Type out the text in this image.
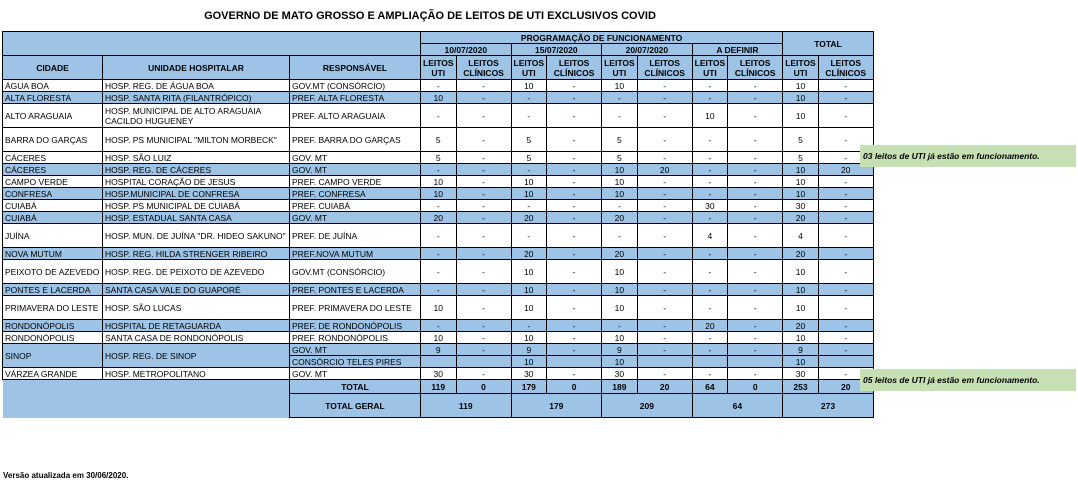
GOVERNO DE MATO GROSSO E AMPLIAÇÃO DE LEITOS DE UTI EXCLUSIVOS COVID
			PROGRAMAÇÃO DE FUNCIONAMENTO								TOTAL	
			10/07/2020		15/07/2020		20/07/2020		A DEFINIR			
CIDADE	UNIDADE HOSPITALAR	RESPONSÁVEL	LEITOS UTI	LEITOS CLÍNICOS	LEITOS UTI	LEITOS CLÍNICOS	LEITOS UTI	LEITOS CLÍNICOS	LEITOS UTI	LEITOS CLÍNICOS	LEITOS UTI	LEITOS CLÍNICOS
ÁGUA BOA	HOSP. REG. DE ÁGUA BOA	GOV.MT (CONSÓRCIO)	-	-	10	-	10	-	-	-	10	-
ALTA FLORESTA	HOSP. SANTA RITA (FILANTRÓPICO)	PREF. ALTA FLORESTA	10	-	-	-	-	-	-	-	10	-
ALTO ARAGUAIA	HOSP. MUNICIPAL DE ALTO ARAGUAIA CACILDO HUGUENEY	PREF. ALTO ARAGUAIA	-	-	-	-	-	-	10	-	10	-
BARRA DO GARÇAS	HOSP. PS MUNICIPAL "MILTON MORBECK"	PREF. BARRA DO GARÇAS	5	-	5	-	5	-	-	-	5	-
CÁCERES	HOSP. SÃO LUIZ	GOV. MT	5	-	5	-	5	-	-	-	5	-
CÁCERES	HOSP. REG. DE CÁCERES	GOV. MT	-	-	-	-	10	20	-	-	10	20
CAMPO VERDE	HOSPITAL CORAÇÃO DE JESUS	PREF. CAMPO VERDE	10	-	10	-	10	-	-	-	10	-
CONFRESA	HOSP.MUNICIPAL DE CONFRESA	PREF. CONFRESA	10	-	10	-	10	-	-	-	10	-
CUIABÁ	HOSP. PS MUNICIPAL DE CUIABÁ	PREF. CUIABÁ	-	-	-	-	-	-	30	-	30	-
CUIABÁ	HOSP. ESTADUAL SANTA CASA	GOV. MT	20	-	20	-	20	-	-	-	20	-
JUÍNA	HOSP. MUN. DE JUÍNA "DR. HIDEO SAKUNO"	PREF. DE JUÍNA	-	-	-	-	-	-	4	-	4	-
NOVA MUTUM	HOSP. REG. HILDA STRENGER RIBEIRO	PREF.NOVA MUTUM	-	-	20	-	20	-	-	-	20	-
PEIXOTO DE AZEVEDO	HOSP. REG. DE PEIXOTO DE AZEVEDO	GOV.MT (CONSÓRCIO)	-	-	10	-	10	-	-	-	10	-
PONTES E LACERDA	SANTA CASA VALE DO GUAPORÉ	PREF. PONTES E LACERDA	-	-	10	-	10	-	-	-	10	-
PRIMAVERA DO LESTE	HOSP. SÃO LUCAS	PREF. PRIMAVERA DO LESTE	10	-	10	-	10	-	-	-	10	-
RONDONÓPOLIS	HOSPITAL DE RETAGUARDA	PREF. DE RONDONÓPOLIS	-	-	-	-	-	-	20	-	20	-
RONDONÓPOLIS	SANTA CASA DE RONDONÓPOLIS	PREF. RONDONÓPOLIS	10	-	10	-	10	-	-	-	10	-
SINOP	HOSP. REG. DE SINOP	GOV. MT	9	-	9	-	9	-	-	-	9	-
		CONSÓRCIO TELES PIRES			10		10				10	
VÁRZEA GRANDE	HOSP. METROPOLITANO	GOV. MT	30	-	30	-	30	-	-	-	30	-
		TOTAL	119	0	179	0	189	20	64	0	253	20
		TOTAL GERAL	119		179		209		64		273	
03 leitos de UTI já estão em funcionamento.
05 leitos de UTI já estão em funcionamento.
Versão atualizada em 30/06/2020.
